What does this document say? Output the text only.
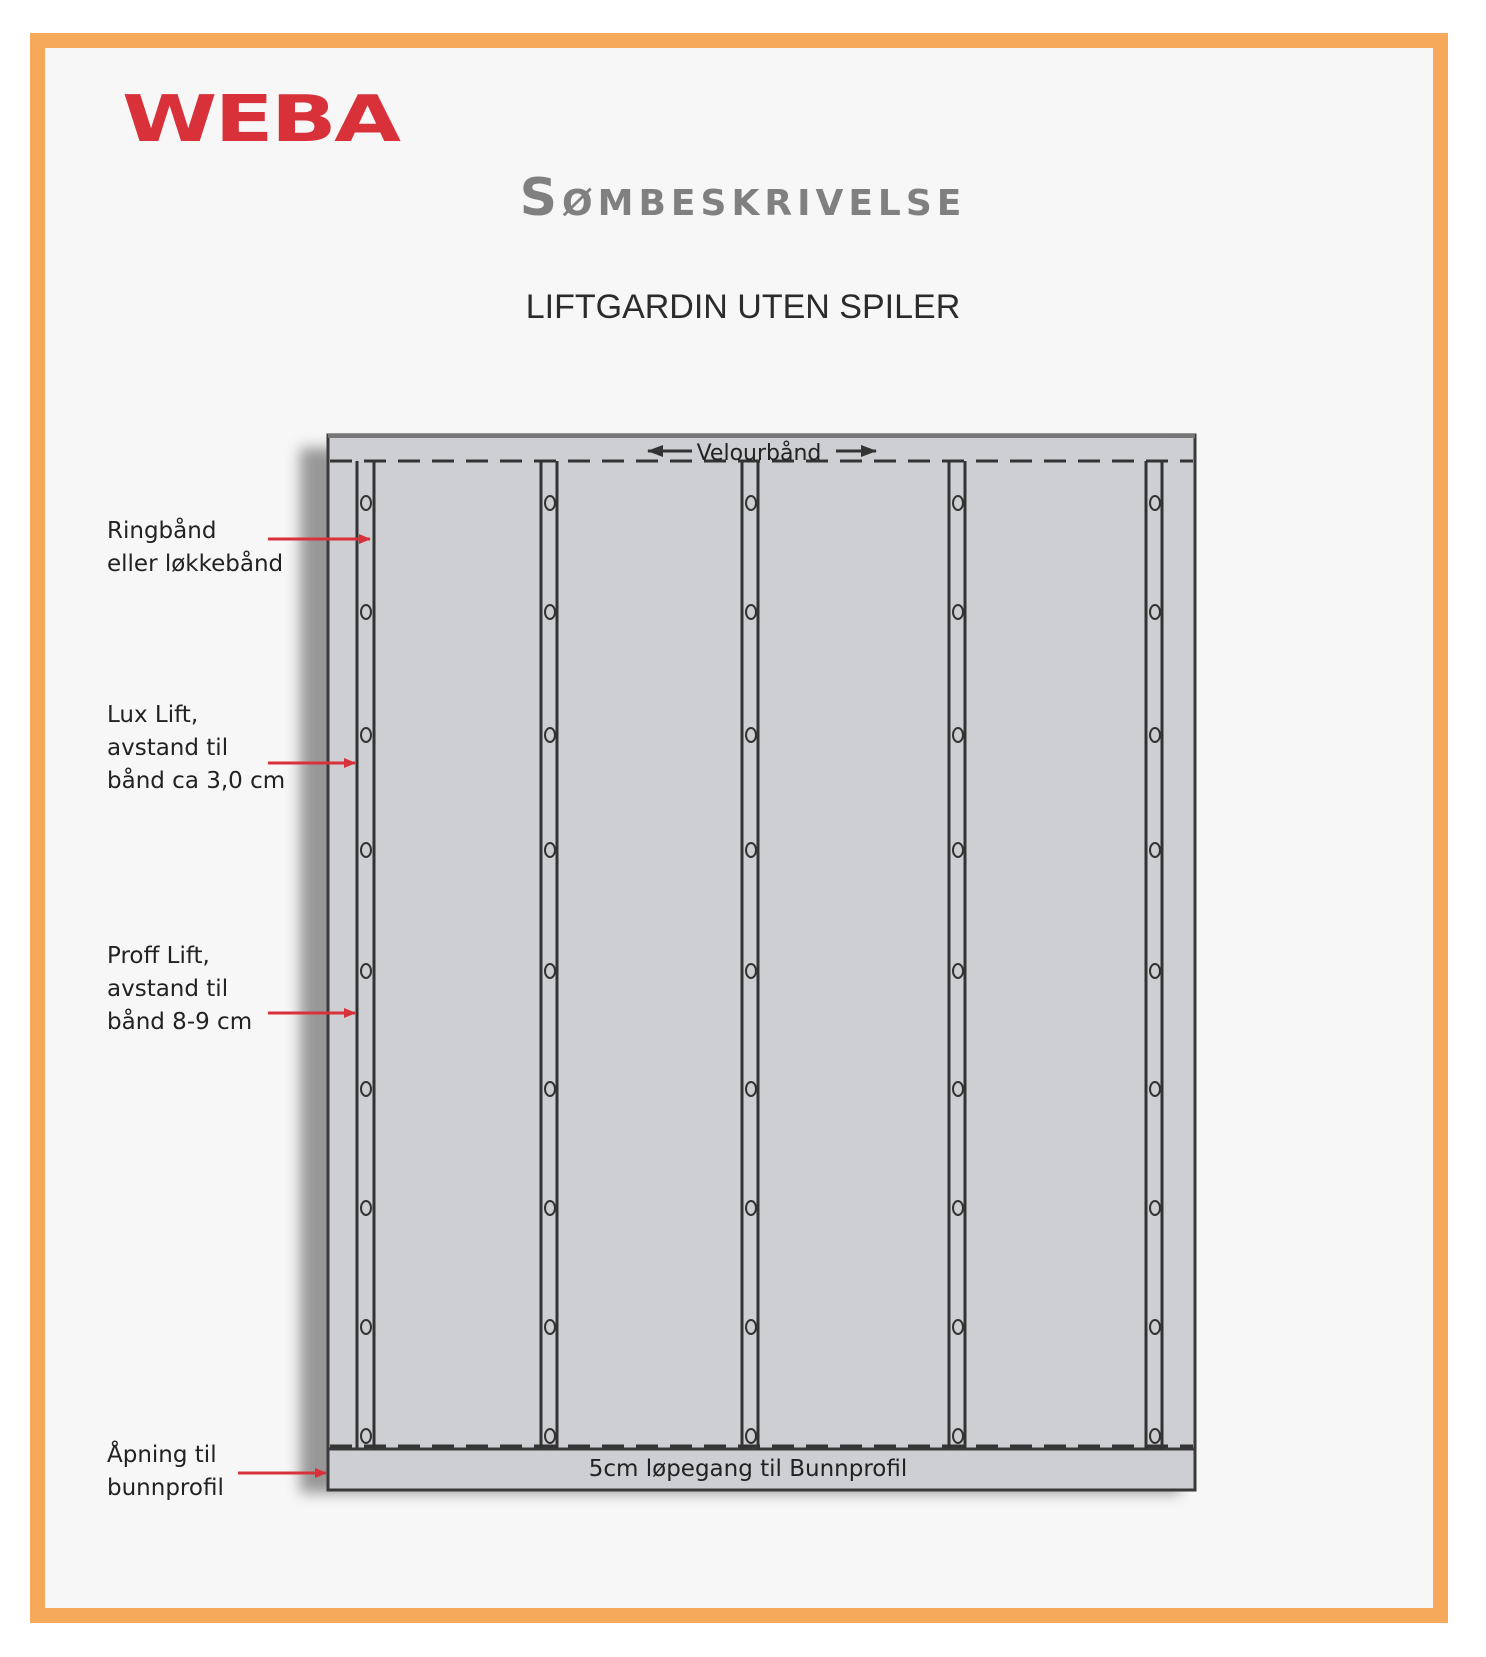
WEBA
Sømbeskrivelse
LIFTGARDIN UTEN SPILER
Velourbånd
5cm løpegang til Bunnprofil
Ringbånd
eller løkkebånd
Lux Lift,
avstand til
bånd ca 3,0 cm
Proff Lift,
avstand til
bånd 8-9 cm
Åpning til
bunnprofil
